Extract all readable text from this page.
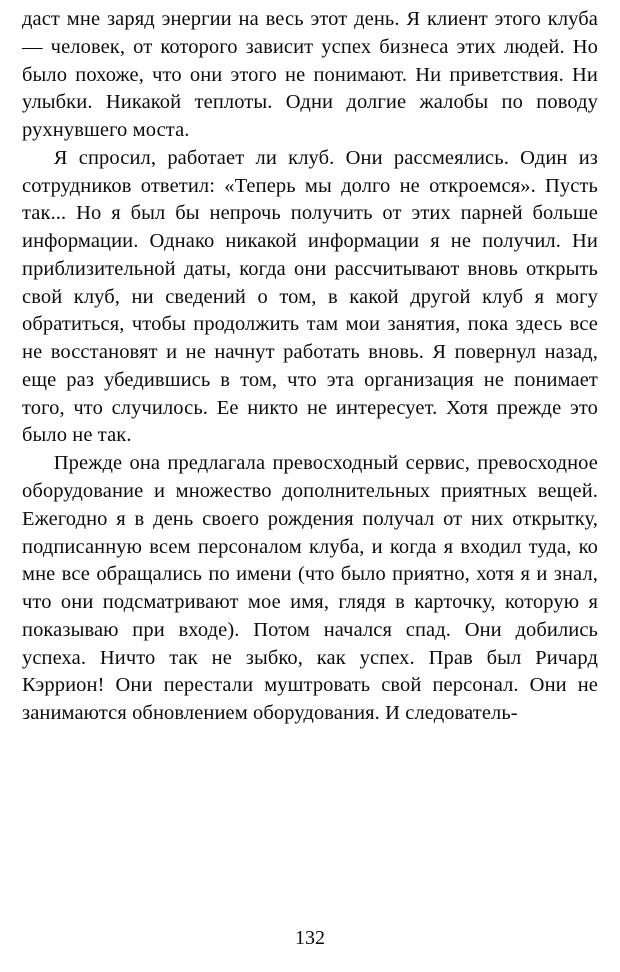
даст мне заряд энергии на весь этот день. Я клиент этого клуба — человек, от которого зависит успех бизнеса этих людей. Но было похоже, что они этого не понимают. Ни приветствия. Ни улыбки. Никакой теплоты. Одни долгие жалобы по поводу рухнувшего моста.

Я спросил, работает ли клуб. Они рассмеялись. Один из сотрудников ответил: «Теперь мы долго не откроемся». Пусть так... Но я был бы непрочь получить от этих парней больше информации. Однако никакой информации я не получил. Ни приблизительной даты, когда они рассчитывают вновь открыть свой клуб, ни сведений о том, в какой другой клуб я могу обратиться, чтобы продолжить там мои занятия, пока здесь все не восстановят и не начнут работать вновь. Я повернул назад, еще раз убедившись в том, что эта организация не понимает того, что случилось. Ее никто не интересует. Хотя прежде это было не так.

Прежде она предлагала превосходный сервис, превосходное оборудование и множество дополнительных приятных вещей. Ежегодно я в день своего рождения получал от них открытку, подписанную всем персоналом клуба, и когда я входил туда, ко мне все обращались по имени (что было приятно, хотя я и знал, что они подсматривают мое имя, глядя в карточку, которую я показываю при входе). Потом начался спад. Они добились успеха. Ничто так не зыбко, как успех. Прав был Ричард Кэррион! Они перестали муштровать свой персонал. Они не занимаются обновлением оборудования. И следователь-

132
